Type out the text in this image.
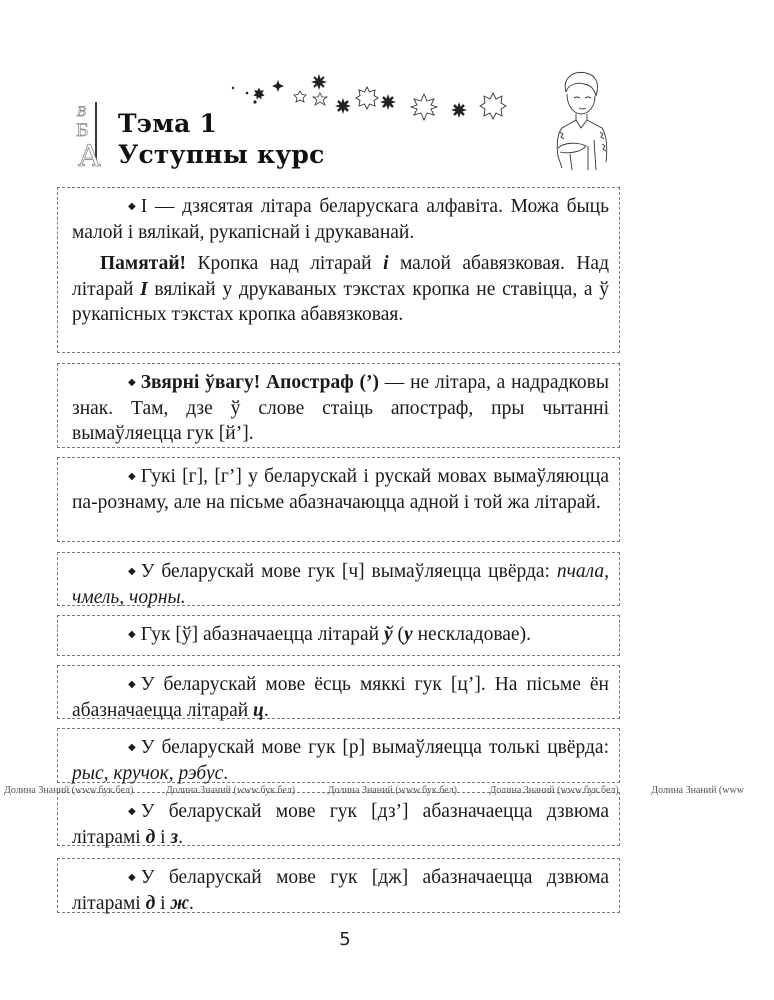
В
Б
А
Тэма 1
Уступны курс

◆ I — дзясятая літара беларускага алфавіта. Можа быць малой і вялікай, рукапіснай і друкаванай.

Памятай! Кропка над літарай і малой абавязковая. Над літарай I вялікай у друкаваных тэкстах кропка не ставіцца, а ў рукапісных тэкстах кропка абавязковая.

◆ Звярні ўвагу! Апостраф (’) — не літара, а надрадковы знак. Там, дзе ў слове стаіць апостраф, пры чытанні вымаўляецца гук [й’].

◆ Гукі [г], [г’] у беларускай і рускай мовах вымаўляюцца па-рознаму, але на пісьме абазначаюцца адной і той жа літарай.

◆ У беларускай мове гук [ч] вымаўляецца цвёрда: пчала, чмель, чорны.

◆ Гук [ў] абазначаецца літарай ў (у нескладовае).

◆ У беларускай мове ёсць мяккі гук [ц’]. На пісьме ён абазначаецца літарай ц.

◆ У беларускай мове гук [р] вымаўляецца толькі цвёрда: рыс, кручок, рэбус.

◆ У беларускай мове гук [дз’] абазначаецца дзвюма літарамі д і з.

◆ У беларускай мове гук [дж] абазначаецца дзвюма літарамі д і ж.

Долина Знаний (www.бук.бел)	Долина Знаний (www.бук.бел)	Долина Знаний (www.бук.бел)	Долина Знаний (www.бук.бел)	Долина Знаний (www
5
